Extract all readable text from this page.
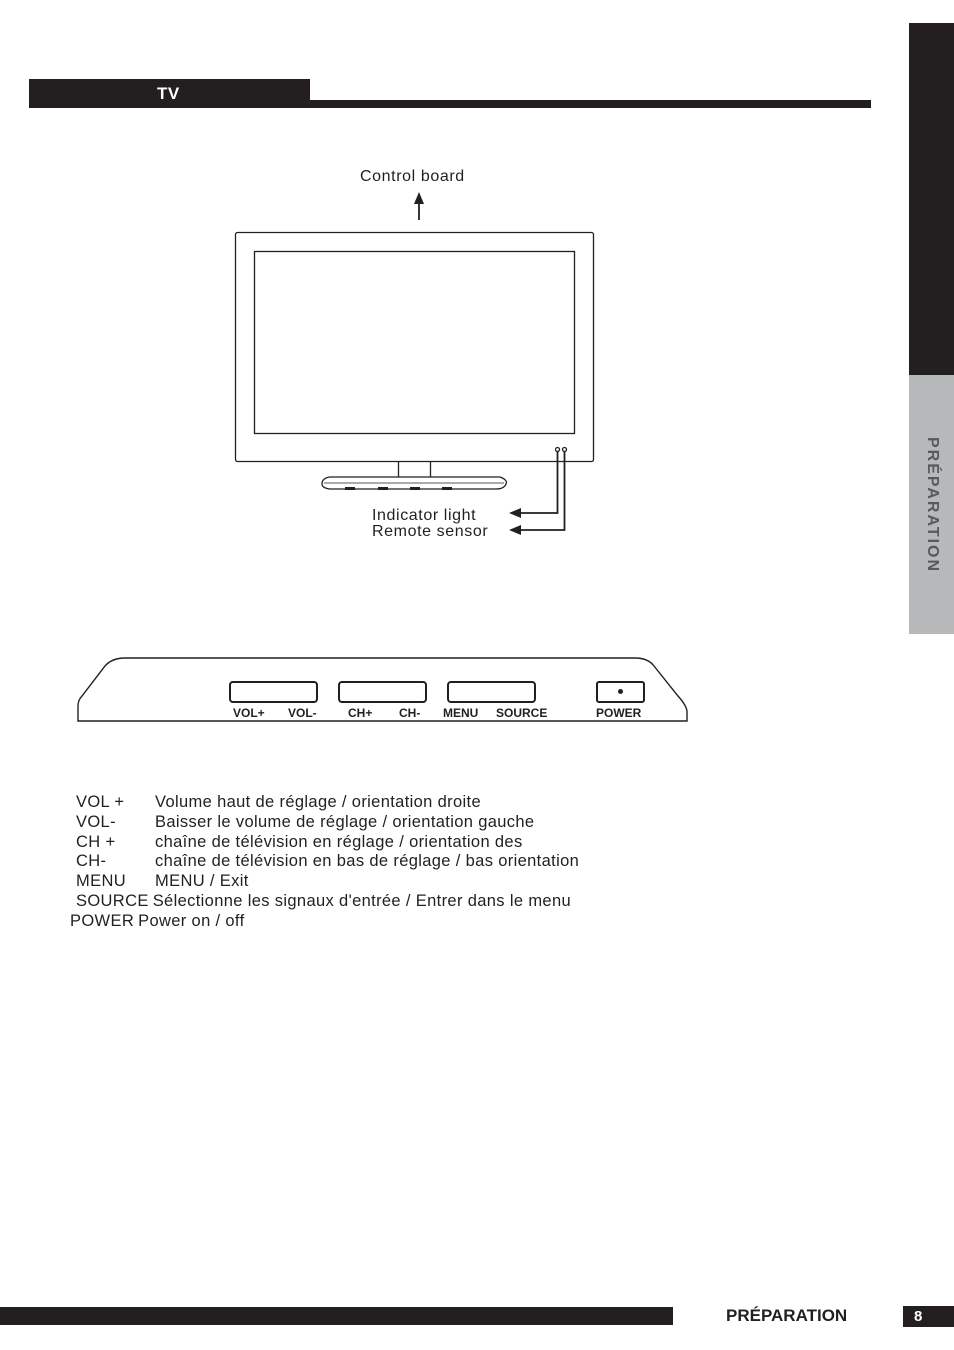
TV
PRÉPARATION
Control board
Indicator light
Remote sensor
VOL+ VOL-	CH+ CH- MENU SOURCE	POWER
VOL +	Volume haut de réglage / orientation droite
VOL-	Baisser le volume de réglage / orientation gauche
CH +	chaîne de télévision en réglage / orientation des
CH-	chaîne de télévision en bas de réglage / bas orientation
MENU	MENU / Exit
SOURCE Sélectionne les signaux d'entrée / Entrer dans le menu
POWER Power on / off
PRÉPARATION	8
